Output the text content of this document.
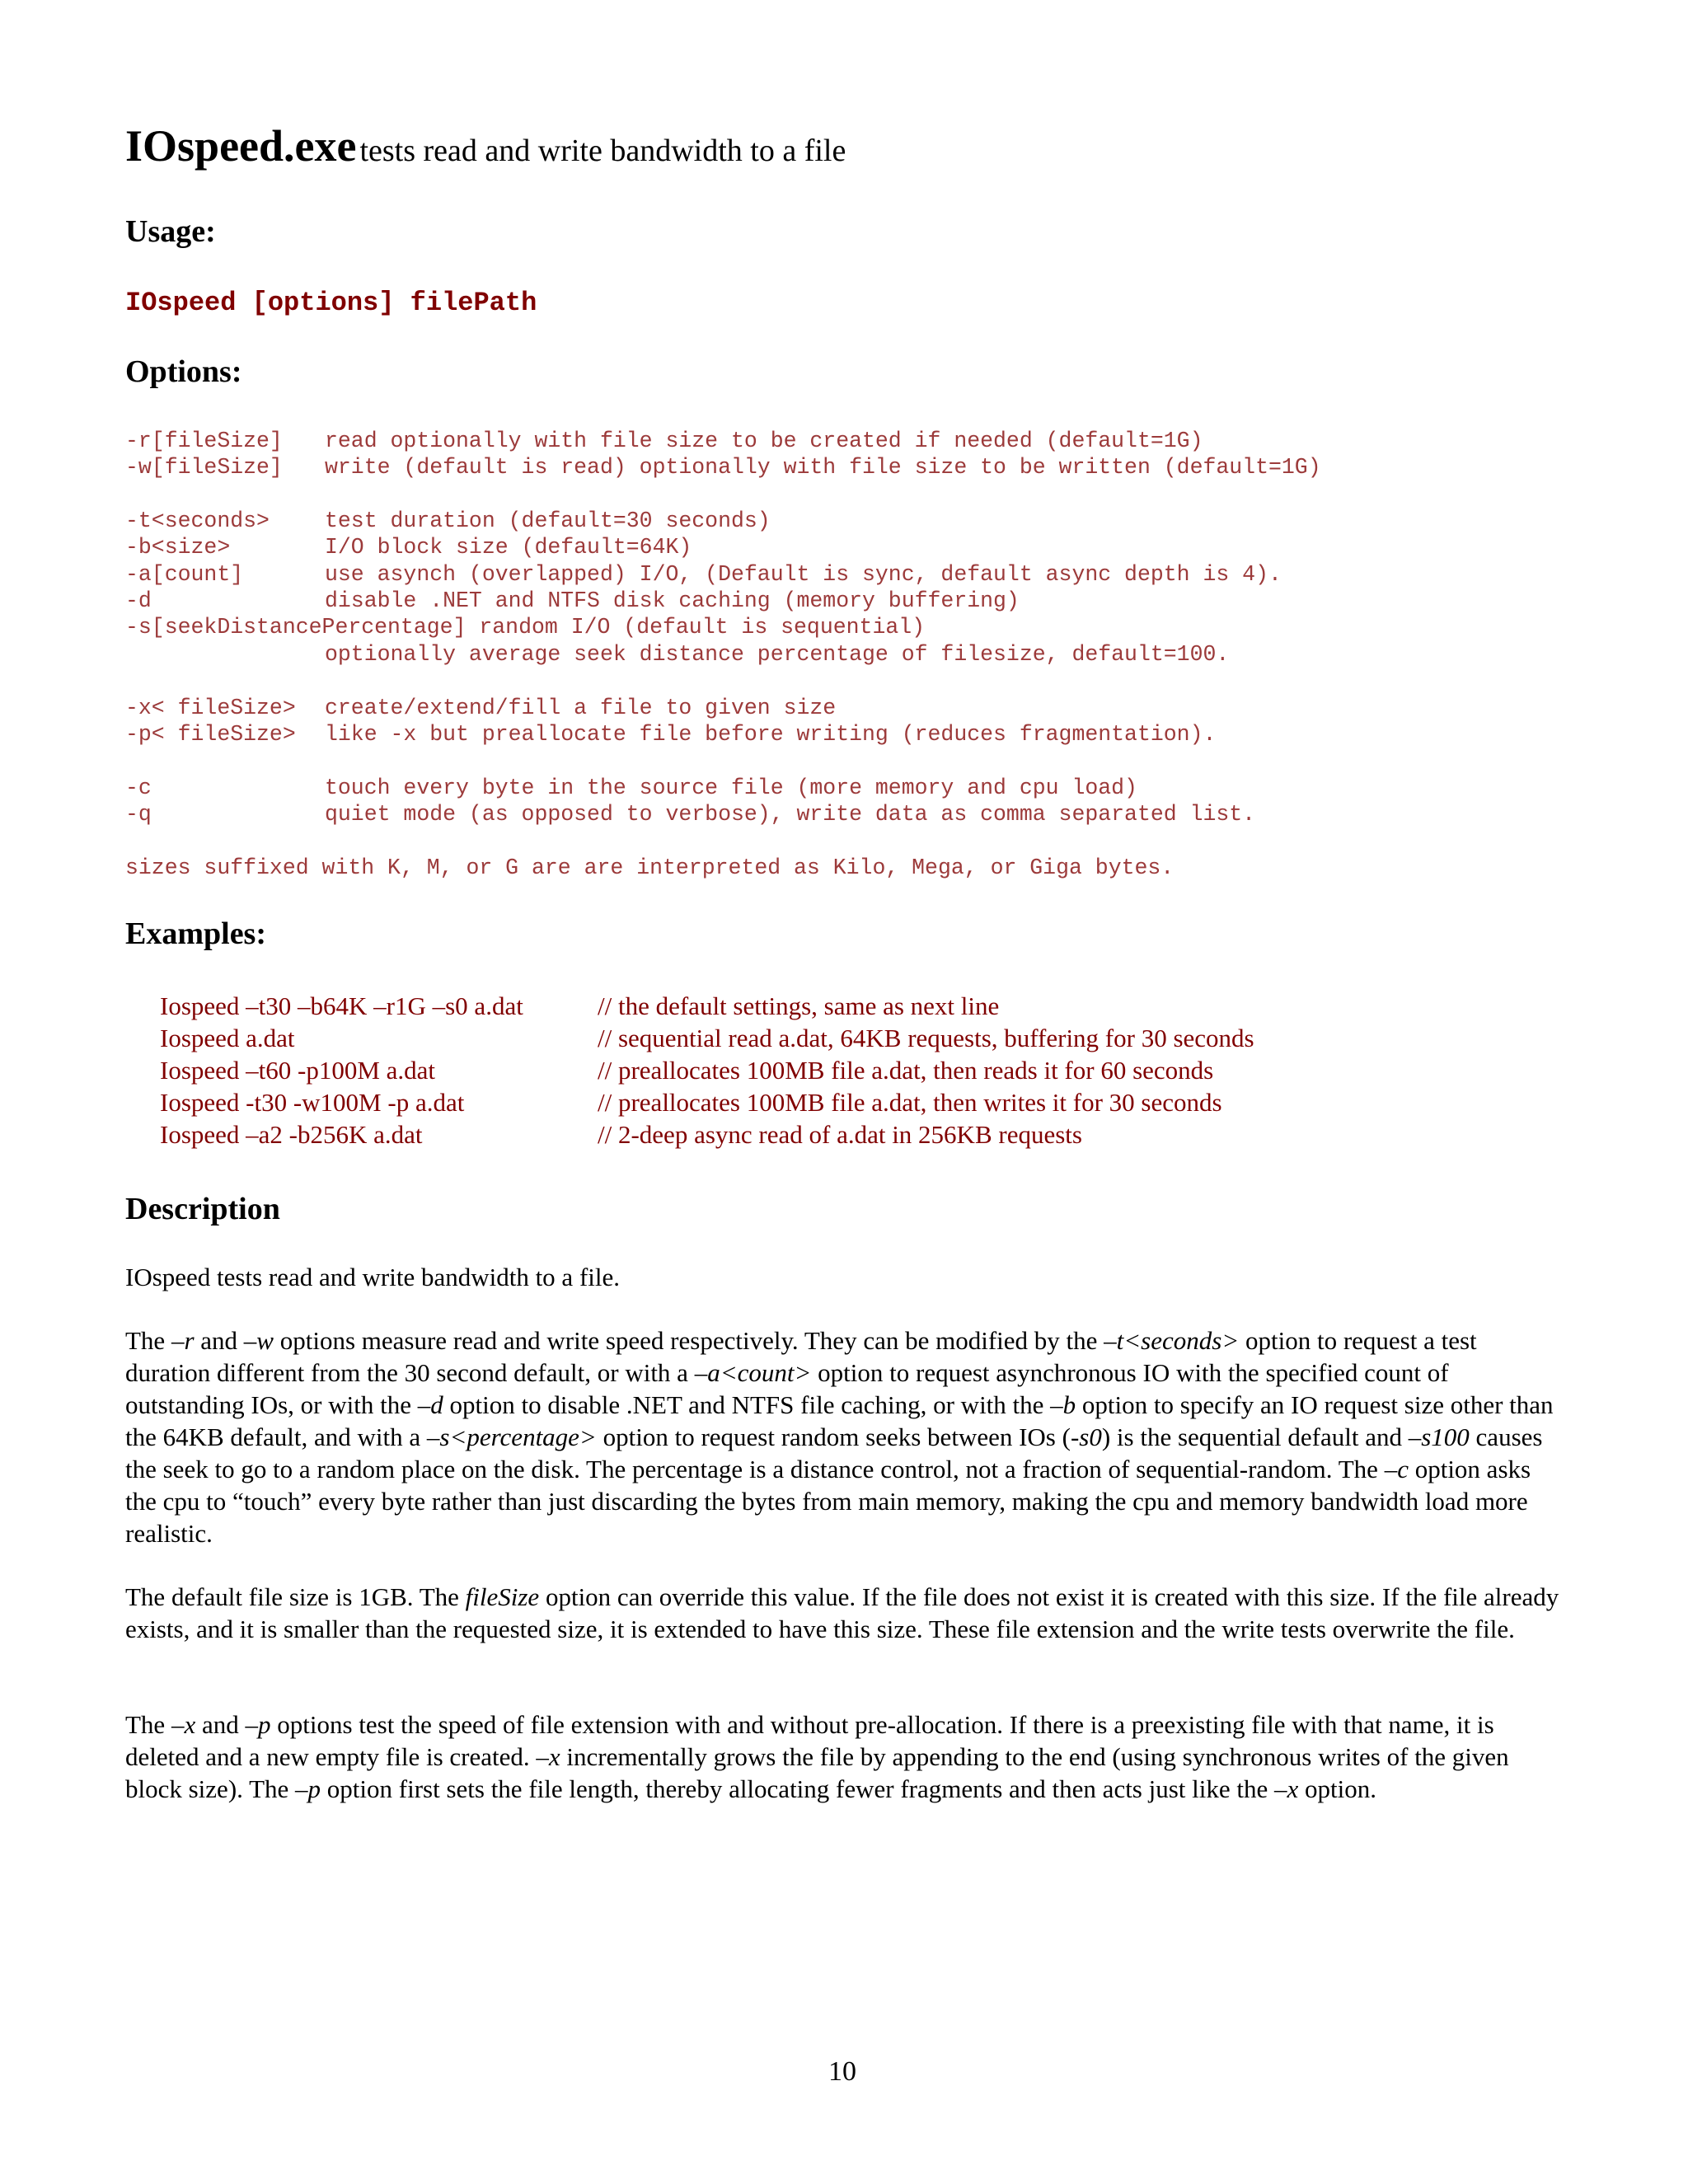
IOspeed.exe tests read and write bandwidth to a file
Usage:
IOspeed [options] filePath
Options:
-r[fileSize] read optionally with file size to be created if needed (default=1G)
-w[fileSize] write (default is read) optionally with file size to be written (default=1G)
-t<seconds>	test duration (default=30 seconds)
-b<size>	I/O block size (default=64K)
-a[count]	use asynch (overlapped) I/O, (Default is sync, default async depth is 4).
-d	disable .NET and NTFS disk caching (memory buffering)
-s[seekDistancePercentage] random I/O (default is sequential)
optionally average seek distance percentage of filesize, default=100.
-x< fileSize> create/extend/fill a file to given size
-p< fileSize> like -x but preallocate file before writing (reduces fragmentation).
-c	touch every byte in the source file (more memory and cpu load)
-q	quiet mode (as opposed to verbose), write data as comma separated list.
sizes suffixed with K, M, or G are are interpreted as Kilo, Mega, or Giga bytes.
Examples:
Iospeed –t30 –b64K –r1G –s0 a.dat	// the default settings, same as next line
Iospeed a.dat	// sequential read a.dat, 64KB requests, buffering for 30 seconds
Iospeed –t60 -p100M a.dat	// preallocates 100MB file a.dat, then reads it for 60 seconds
Iospeed -t30 -w100M -p a.dat	// preallocates 100MB file a.dat, then writes it for 30 seconds
Iospeed –a2 -b256K a.dat	// 2-deep async read of a.dat in 256KB requests
Description

IOspeed tests read and write bandwidth to a file.

The –r and –w options measure read and write speed respectively. They can be modified by the –t<seconds> option to request a test duration different from the 30 second default, or with a –a<count> option to request asynchronous IO with the specified count of outstanding IOs, or with the –d option to disable .NET and NTFS file caching, or with the –b option to specify an IO request size other than the 64KB default, and with a –s<percentage> option to request random seeks between IOs (-s0) is the sequential default and –s100 causes the seek to go to a random place on the disk. The percentage is a distance control, not a fraction of sequential-random. The –c option asks the cpu to “touch” every byte rather than just discarding the bytes from main memory, making the cpu and memory bandwidth load more realistic.

The default file size is 1GB. The fileSize option can override this value. If the file does not exist it is created with this size. If the file already exists, and it is smaller than the requested size, it is extended to have this size. These file extension and the write tests overwrite the file.

The –x and –p options test the speed of file extension with and without pre-allocation. If there is a preexisting file with that name, it is deleted and a new empty file is created. –x incrementally grows the file by appending to the end (using synchronous writes of the given block size). The –p option first sets the file length, thereby allocating fewer fragments and then acts just like the –x option.

10
